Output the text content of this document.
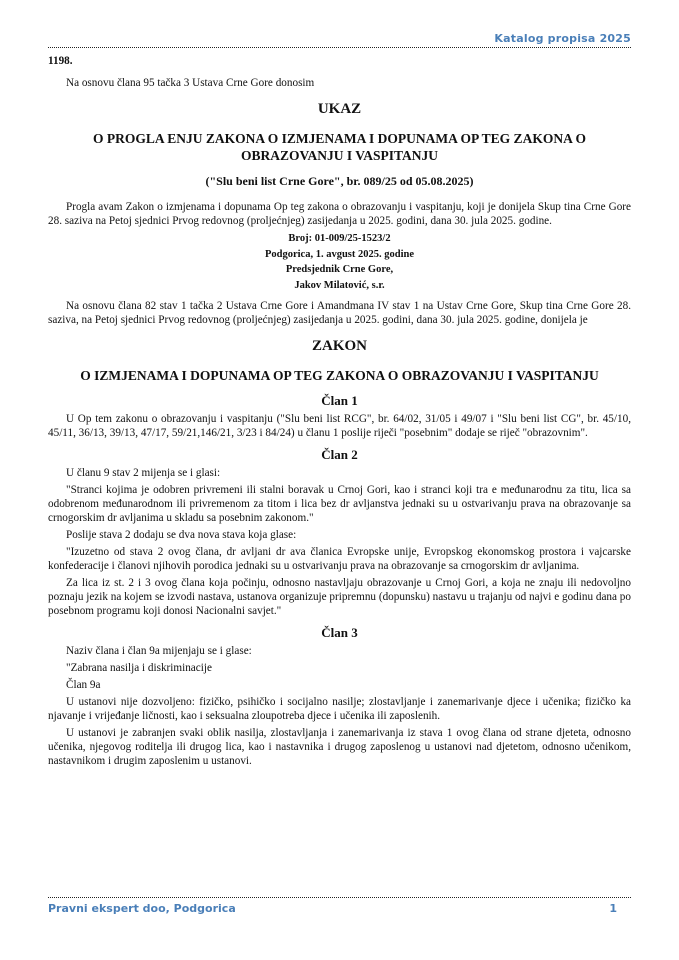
Katalog propisa 2025

1198.

Na osnovu člana 95 tačka 3 Ustava Crne Gore donosim

UKAZ

O PROGLA ENJU ZAKONA O IZMJENAMA I DOPUNAMA OP TEG ZAKONA O OBRAZOVANJU I VASPITANJU

("Slu beni list Crne Gore", br. 089/25 od 05.08.2025)

Progla avam Zakon o izmjenama i dopunama Op teg zakona o obrazovanju i vaspitanju, koji je donijela Skup tina Crne Gore 28. saziva na Petoj sjednici Prvog redovnog (proljećnjeg) zasijedanja u 2025. godini, dana 30. jula 2025. godine.

Broj: 01-009/25-1523/2
Podgorica, 1. avgust 2025. godine
Predsjednik Crne Gore,
Jakov Milatović, s.r.

Na osnovu člana 82 stav 1 tačka 2 Ustava Crne Gore i Amandmana IV stav 1 na Ustav Crne Gore, Skup tina Crne Gore 28. saziva, na Petoj sjednici Prvog redovnog (proljećnjeg) zasijedanja u 2025. godini, dana 30. jula 2025. godine, donijela je

ZAKON

O IZMJENAMA I DOPUNAMA OP TEG ZAKONA O OBRAZOVANJU I VASPITANJU

Član 1

U Op tem zakonu o obrazovanju i vaspitanju ("Slu beni list RCG", br. 64/02, 31/05 i 49/07 i "Slu beni list CG", br. 45/10, 45/11, 36/13, 39/13, 47/17, 59/21,146/21, 3/23 i 84/24) u članu 1 poslije riječi "posebnim" dodaje se riječ "obrazovnim".

Član 2

U članu 9 stav 2 mijenja se i glasi:

"Stranci kojima je odobren privremeni ili stalni boravak u Crnoj Gori, kao i stranci koji tra e međunarodnu za titu, lica sa odobrenom međunarodnom ili privremenom za titom i lica bez dr avljanstva jednaki su u ostvarivanju prava na obrazovanje sa crnogorskim dr avljanima u skladu sa posebnim zakonom."

Poslije stava 2 dodaju se dva nova stava koja glase:

"Izuzetno od stava 2 ovog člana, dr avljani dr ava članica Evropske unije, Evropskog ekonomskog prostora i vajcarske konfederacije i članovi njihovih porodica jednaki su u ostvarivanju prava na obrazovanje sa crnogorskim dr avljanima.

Za lica iz st. 2 i 3 ovog člana koja počinju, odnosno nastavljaju obrazovanje u Crnoj Gori, a koja ne znaju ili nedovoljno poznaju jezik na kojem se izvodi nastava, ustanova organizuje pripremnu (dopunsku) nastavu u trajanju od najvi e godinu dana po posebnom programu koji donosi Nacionalni savjet."

Član 3

Naziv člana i član 9a mijenjaju se i glase:

"Zabrana nasilja i diskriminacije

Član 9a

U ustanovi nije dozvoljeno: fizičko, psihičko i socijalno nasilje; zlostavljanje i zanemarivanje djece i učenika; fizičko ka njavanje i vrijeđanje ličnosti, kao i seksualna zloupotreba djece i učenika ili zaposlenih.

U ustanovi je zabranjen svaki oblik nasilja, zlostavljanja i zanemarivanja iz stava 1 ovog člana od strane djeteta, odnosno učenika, njegovog roditelja ili drugog lica, kao i nastavnika i drugog zaposlenog u ustanovi nad djetetom, odnosno učenikom, nastavnikom i drugim zaposlenim u ustanovi.

Pravni ekspert doo, Podgorica	1
